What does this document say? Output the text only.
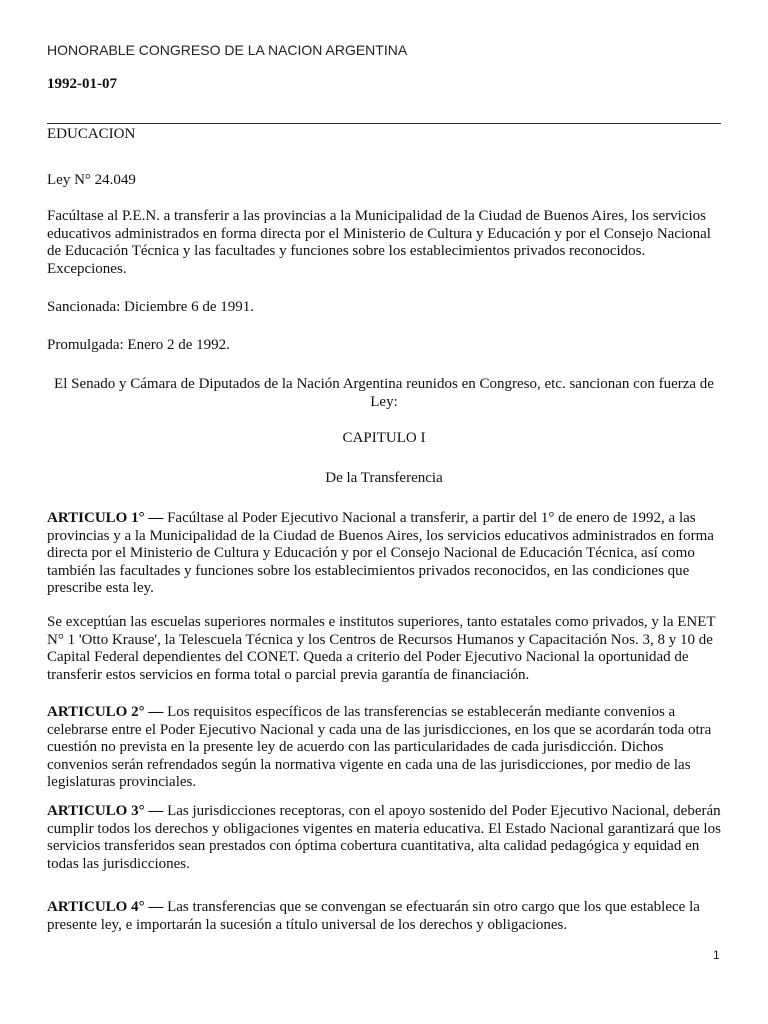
HONORABLE CONGRESO DE LA NACION ARGENTINA
1992-01-07

EDUCACION

Ley N° 24.049

Facúltase al P.E.N. a transferir a las provincias a la Municipalidad de la Ciudad de Buenos Aires, los servicios educativos administrados en forma directa por el Ministerio de Cultura y Educación y por el Consejo Nacional de Educación Técnica y las facultades y funciones sobre los establecimientos privados reconocidos. Excepciones.

Sancionada: Diciembre 6 de 1991.

Promulgada: Enero 2 de 1992.

El Senado y Cámara de Diputados de la Nación Argentina reunidos en Congreso, etc. sancionan con fuerza de Ley:

CAPITULO I

De la Transferencia

ARTICULO 1° — Facúltase al Poder Ejecutivo Nacional a transferir, a partir del 1° de enero de 1992, a las provincias y a la Municipalidad de la Ciudad de Buenos Aires, los servicios educativos administrados en forma directa por el Ministerio de Cultura y Educación y por el Consejo Nacional de Educación Técnica, así como también las facultades y funciones sobre los establecimientos privados reconocidos, en las condiciones que prescribe esta ley.

Se exceptúan las escuelas superiores normales e institutos superiores, tanto estatales como privados, y la ENET N° 1 'Otto Krause', la Telescuela Técnica y los Centros de Recursos Humanos y Capacitación Nos. 3, 8 y 10 de Capital Federal dependientes del CONET. Queda a criterio del Poder Ejecutivo Nacional la oportunidad de transferir estos servicios en forma total o parcial previa garantía de financiación.

ARTICULO 2° — Los requisitos específicos de las transferencias se establecerán mediante convenios a celebrarse entre el Poder Ejecutivo Nacional y cada una de las jurisdicciones, en los que se acordarán toda otra cuestión no prevista en la presente ley de acuerdo con las particularidades de cada jurisdicción. Dichos convenios serán refrendados según la normativa vigente en cada una de las jurisdicciones, por medio de las legislaturas provinciales.

ARTICULO 3° — Las jurisdicciones receptoras, con el apoyo sostenido del Poder Ejecutivo Nacional, deberán cumplir todos los derechos y obligaciones vigentes en materia educativa. El Estado Nacional garantizará que los servicios transferidos sean prestados con óptima cobertura cuantitativa, alta calidad pedagógica y equidad en todas las jurisdicciones.

ARTICULO 4° — Las transferencias que se convengan se efectuarán sin otro cargo que los que establece la presente ley, e importarán la sucesión a título universal de los derechos y obligaciones.

1
